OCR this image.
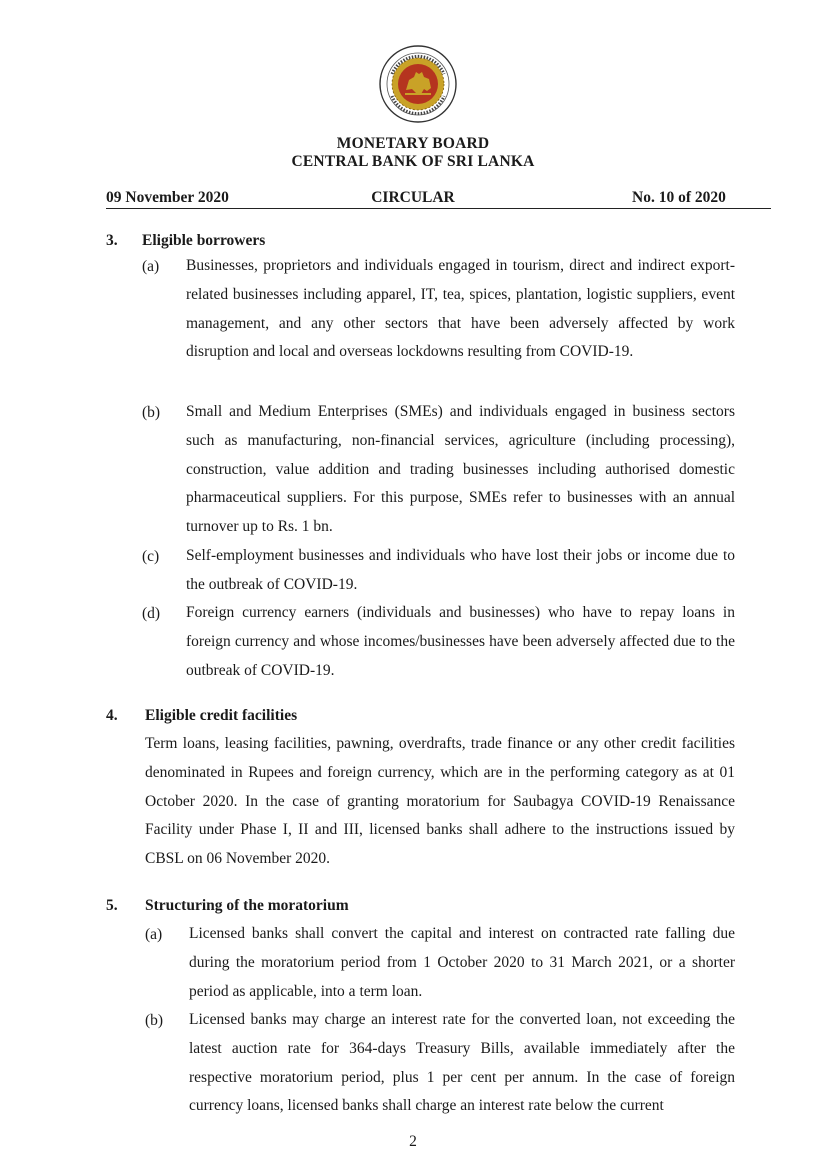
MONETARY BOARD
CENTRAL BANK OF SRI LANKA
09 November 2020	CIRCULAR	No. 10 of 2020
3. Eligible borrowers
(a) Businesses, proprietors and individuals engaged in tourism, direct and indirect export-related businesses including apparel, IT, tea, spices, plantation, logistic suppliers, event management, and any other sectors that have been adversely affected by work disruption and local and overseas lockdowns resulting from COVID-19.

(b) Small and Medium Enterprises (SMEs) and individuals engaged in business sectors such as manufacturing, non-financial services, agriculture (including processing), construction, value addition and trading businesses including authorised domestic pharmaceutical suppliers. For this purpose, SMEs refer to businesses with an annual turnover up to Rs. 1 bn.

(c) Self-employment businesses and individuals who have lost their jobs or income due to the outbreak of COVID-19.

(d) Foreign currency earners (individuals and businesses) who have to repay loans in foreign currency and whose incomes/businesses have been adversely affected due to the outbreak of COVID-19.

4. Eligible credit facilities

Term loans, leasing facilities, pawning, overdrafts, trade finance or any other credit facilities denominated in Rupees and foreign currency, which are in the performing category as at 01 October 2020. In the case of granting moratorium for Saubagya COVID-19 Renaissance Facility under Phase I, II and III, licensed banks shall adhere to the instructions issued by CBSL on 06 November 2020.

5. Structuring of the moratorium
(a) Licensed banks shall convert the capital and interest on contracted rate falling due during the moratorium period from 1 October 2020 to 31 March 2021, or a shorter period as applicable, into a term loan.

(b) Licensed banks may charge an interest rate for the converted loan, not exceeding the latest auction rate for 364-days Treasury Bills, available immediately after the respective moratorium period, plus 1 per cent per annum. In the case of foreign currency loans, licensed banks shall charge an interest rate below the current

2
